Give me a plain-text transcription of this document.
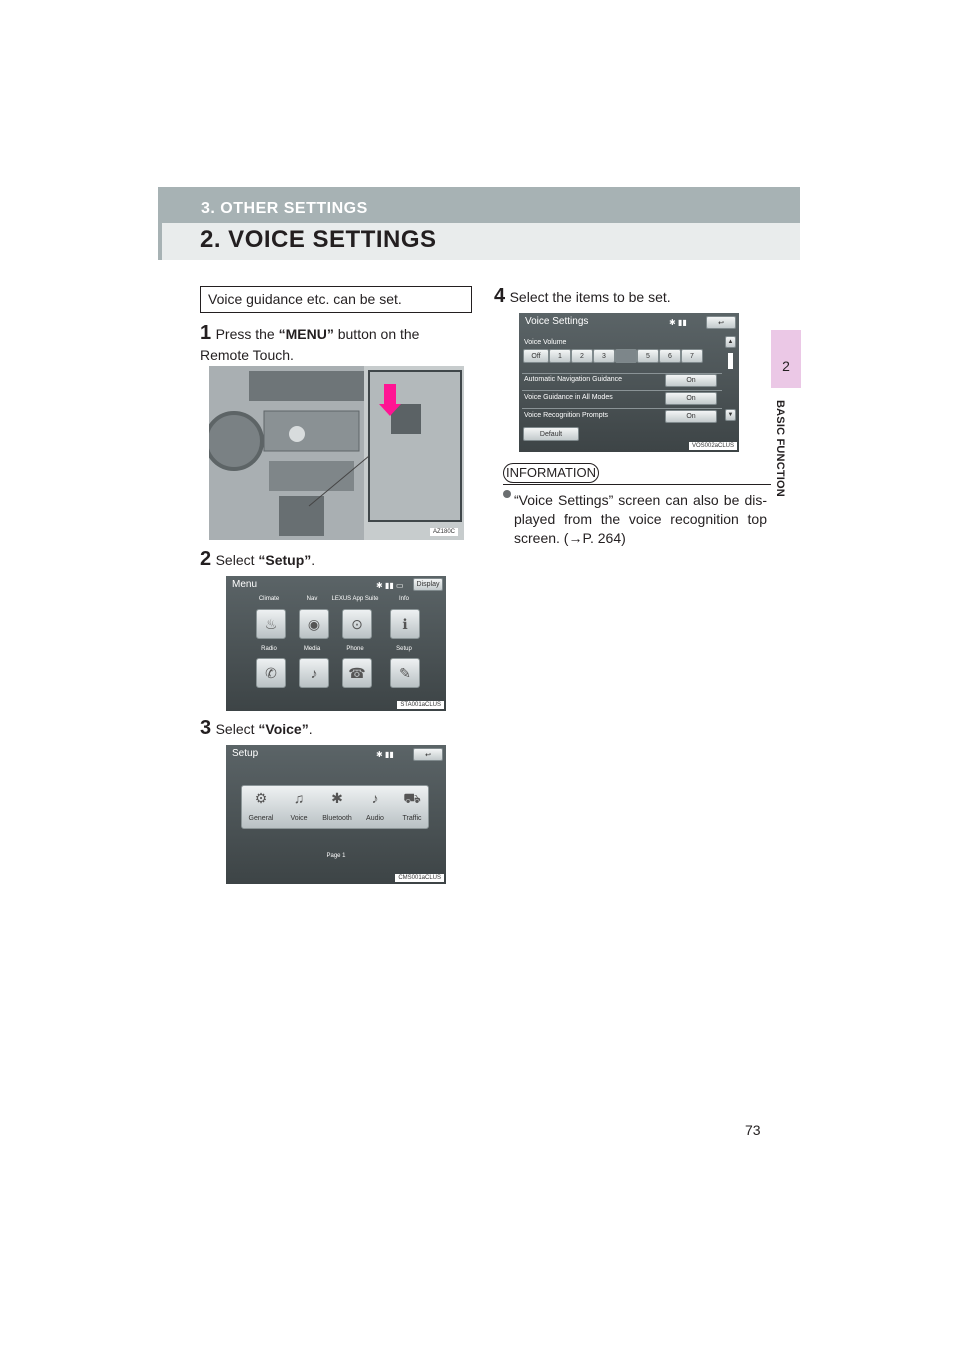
3. OTHER SETTINGS
2. VOICE SETTINGS
2
BASIC FUNCTION
Voice guidance etc. can be set.
1 Press the “MENU” button on the Remote Touch.
AZ180C
2 Select “Setup”.
Menu	Display
✱ ▮▮ ▭
Climate	Nav	LEXUS App Suite	Info
♨	◉	⊙	ℹ
Radio	Media	Phone	Setup
✆	♪	☎	✎
STA001aCLUS
3 Select “Voice”.
Setup	✱ ▮▮	↩
⚙	♫	✱	♪	⛟
General	Voice	Bluetooth	Audio	Traffic
Page 1
CMS001aCLUS
4 Select the items to be set.
Voice Settings	✱ ▮▮	↩
Voice Volume
Off	1	2	3	4	5	6	7
▲
▼
Automatic Navigation Guidance	On
Voice Guidance in All Modes	On
Voice Recognition Prompts	On
Default
VOS002aCLUS
INFORMATION
“Voice Settings” screen can also be dis-played from the voice recognition top screen. (→P. 264)
73
